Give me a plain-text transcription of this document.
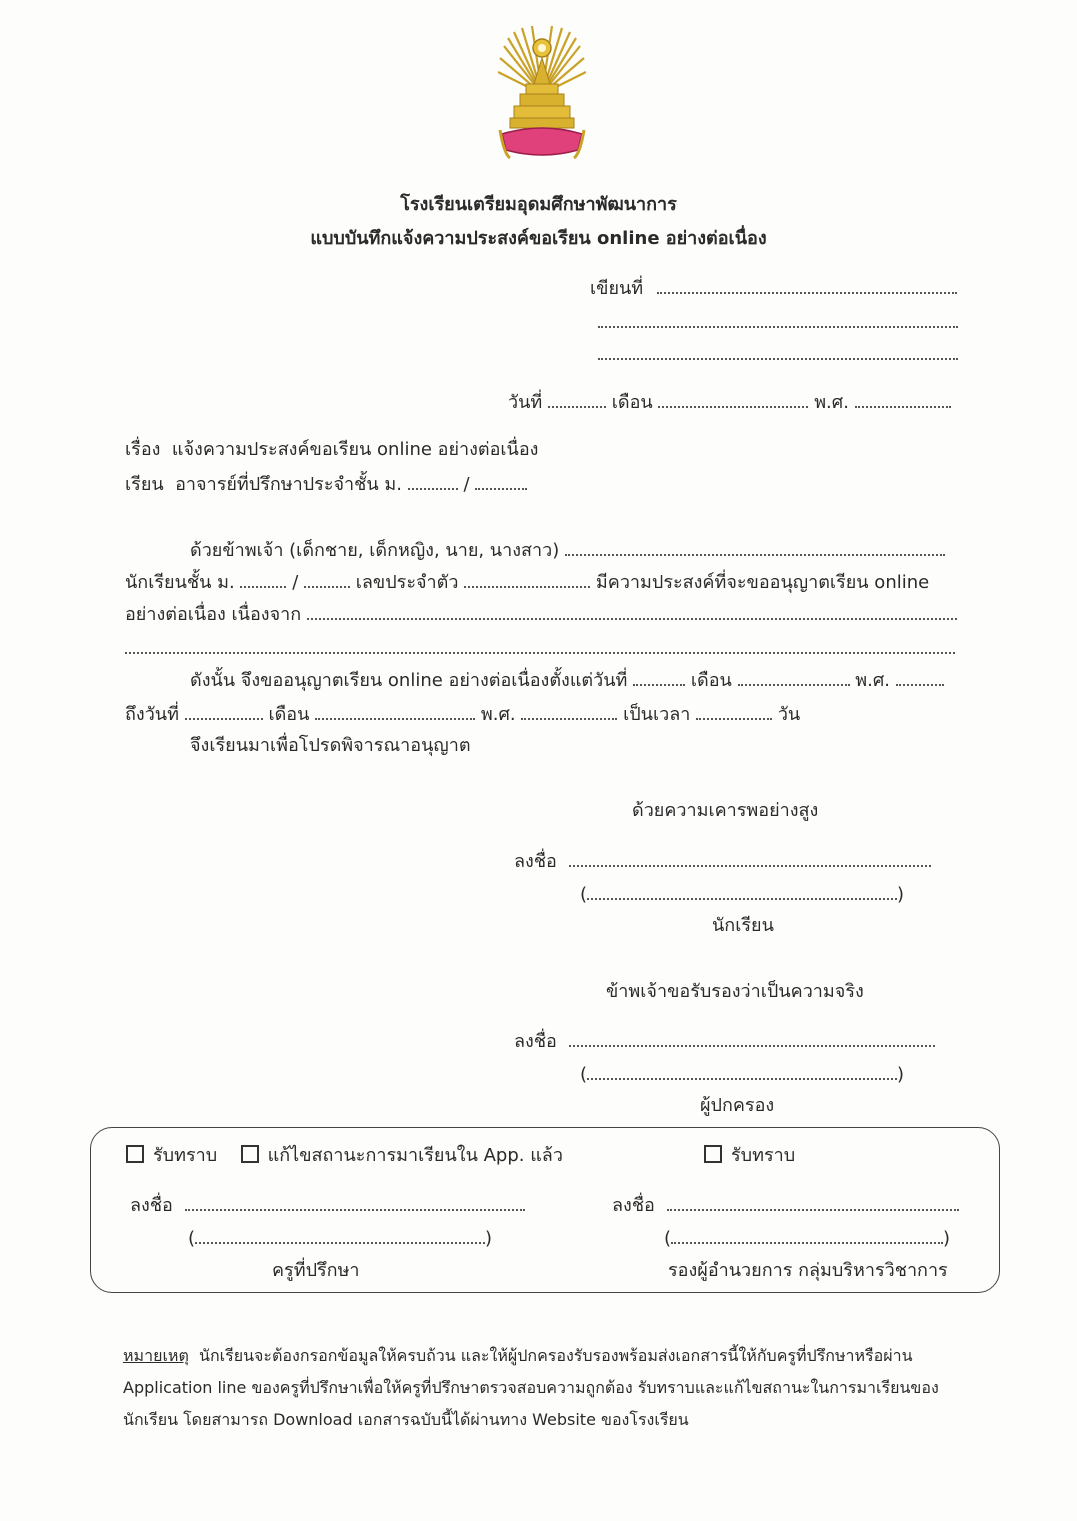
โรงเรียนเตรียมอุดมศึกษาพัฒนาการ
แบบบันทึกแจ้งความประสงค์ขอเรียน online อย่างต่อเนื่อง
เขียนที่
วันที่	เดือน	พ.ศ.
เรื่อง แจ้งความประสงค์ขอเรียน online อย่างต่อเนื่อง
เรียน อาจารย์ที่ปรึกษาประจำชั้น ม.	/
ด้วยข้าพเจ้า (เด็กชาย, เด็กหญิง, นาย, นางสาว)
นักเรียนชั้น ม.	/	เลขประจำตัว	มีความประสงค์ที่จะขออนุญาตเรียน online
อย่างต่อเนื่อง เนื่องจาก
ดังนั้น จึงขออนุญาตเรียน online อย่างต่อเนื่องตั้งแต่วันที่	เดือน	พ.ศ.
ถึงวันที่	เดือน	พ.ศ.	เป็นเวลา	วัน
จึงเรียนมาเพื่อโปรดพิจารณาอนุญาต
ด้วยความเคารพอย่างสูง
ลงชื่อ
(	)
นักเรียน
ข้าพเจ้าขอรับรองว่าเป็นความจริง
ลงชื่อ
(	)
ผู้ปกครอง
รับทราบ	แก้ไขสถานะการมาเรียนใน App. แล้ว	รับทราบ
ลงชื่อ	ลงชื่อ
(	)	(	)
ครูที่ปรึกษา	รองผู้อำนวยการ กลุ่มบริหารวิชาการ
หมายเหตุ นักเรียนจะต้องกรอกข้อมูลให้ครบถ้วน และให้ผู้ปกครองรับรองพร้อมส่งเอกสารนี้ให้กับครูที่ปรึกษาหรือผ่าน
Application line ของครูที่ปรึกษาเพื่อให้ครูที่ปรึกษาตรวจสอบความถูกต้อง รับทราบและแก้ไขสถานะในการมาเรียนของ
นักเรียน โดยสามารถ Download เอกสารฉบับนี้ได้ผ่านทาง Website ของโรงเรียน
